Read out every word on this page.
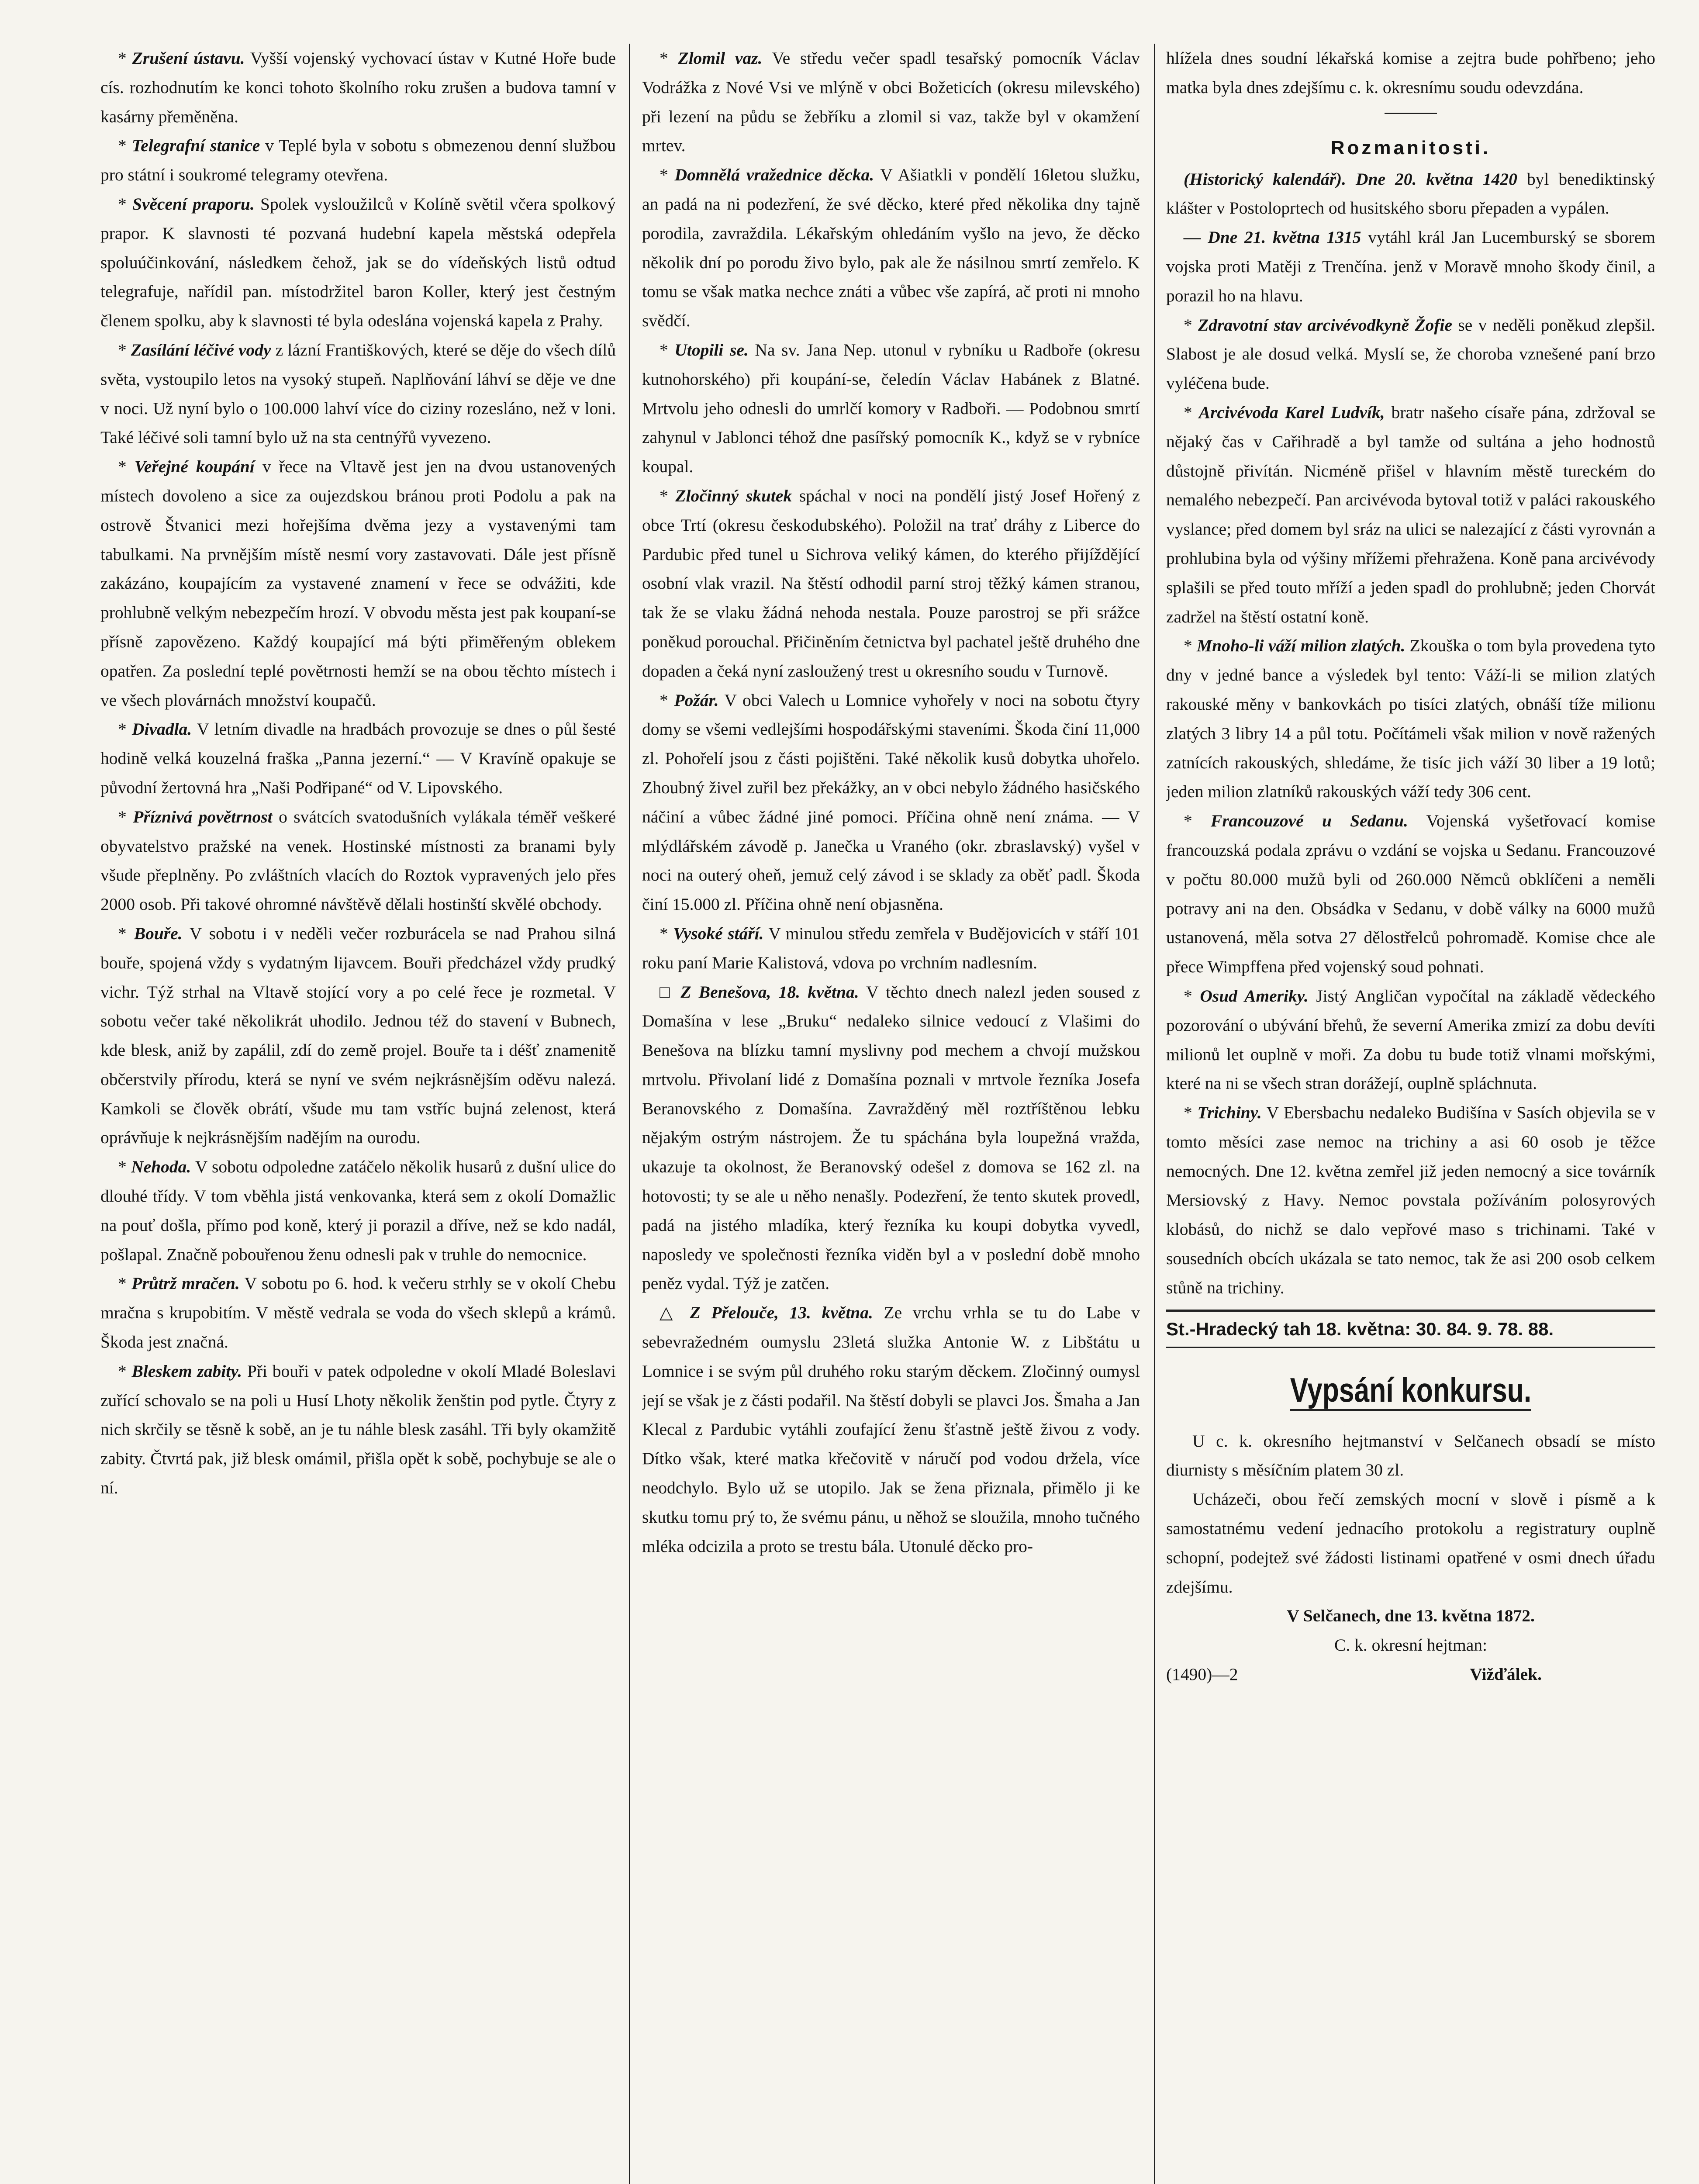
* Zrušení ústavu. Vyšší vojenský vychovací ústav v Kutné Hoře bude cís. rozhodnutím ke konci tohoto školního roku zrušen a budova tamní v kasárny přeměněna.

* Telegrafní stanice v Teplé byla v sobotu s obmezenou denní službou pro státní i soukromé telegramy otevřena.

* Svěcení praporu. Spolek vysloužilců v Kolíně světil včera spolkový prapor. K slavnosti té pozvaná hudební kapela městská odepřela spoluúčinkování, následkem čehož, jak se do vídeňských listů odtud telegrafuje, nařídil pan. místodržitel baron Koller, který jest čestným členem spolku, aby k slavnosti té byla odeslána vojenská kapela z Prahy.

* Zasílání léčivé vody z lázní Františkových, které se děje do všech dílů světa, vystoupilo letos na vysoký stupeň. Naplňování láhví se děje ve dne v noci. Už nyní bylo o 100.000 lahví více do ciziny rozesláno, než v loni. Také léčivé soli tamní bylo už na sta centnýřů vyvezeno.

* Veřejné koupání v řece na Vltavě jest jen na dvou ustanovených místech dovoleno a sice za oujezdskou bránou proti Podolu a pak na ostrově Štvanici mezi hořejšíma dvěma jezy a vystavenými tam tabulkami. Na prvnějším místě nesmí vory zastavovati. Dále jest přísně zakázáno, koupajícím za vystavené znamení v řece se odvážiti, kde prohlubně velkým nebezpečím hrozí. V obvodu města jest pak koupaní-se přísně zapovězeno. Každý koupající má býti přiměřeným oblekem opatřen. Za poslední teplé povětrnosti hemží se na obou těchto místech i ve všech plovárnách množství koupačů.

* Divadla. V letním divadle na hradbách provozuje se dnes o půl šesté hodině velká kouzelná fraška „Panna jezerní.“ — V Kravíně opakuje se původní žertovná hra „Naši Podřipané“ od V. Lipovského.

* Příznivá povětrnost o svátcích svatodušních vylákala téměř veškeré obyvatelstvo pražské na venek. Hostinské místnosti za branami byly všude přeplněny. Po zvláštních vlacích do Roztok vypravených jelo přes 2000 osob. Při takové ohromné návštěvě dělali hostinští skvělé obchody.

* Bouře. V sobotu i v neděli večer rozburácela se nad Prahou silná bouře, spojená vždy s vydatným lijavcem. Bouři předcházel vždy prudký vichr. Týž strhal na Vltavě stojící vory a po celé řece je rozmetal. V sobotu večer také několikrát uhodilo. Jednou též do stavení v Bubnech, kde blesk, aniž by zapálil, zdí do země projel. Bouře ta i déšť znamenitě občerstvily přírodu, která se nyní ve svém nejkrásnějším oděvu nalezá. Kamkoli se člověk obrátí, všude mu tam vstříc bujná zelenost, která oprávňuje k nejkrásnějším nadějím na ourodu.

* Nehoda. V sobotu odpoledne zatáčelo několik husarů z dušní ulice do dlouhé třídy. V tom vběhla jistá venkovanka, která sem z okolí Domažlic na pouť došla, přímo pod koně, který ji porazil a dříve, než se kdo nadál, pošlapal. Značně pobouřenou ženu odnesli pak v truhle do nemocnice.

* Průtrž mračen. V sobotu po 6. hod. k večeru strhly se v okolí Chebu mračna s krupobitím. V městě vedrala se voda do všech sklepů a krámů. Škoda jest značná.

* Bleskem zabity. Při bouři v patek odpoledne v okolí Mladé Boleslavi zuřící schovalo se na poli u Husí Lhoty několik ženštin pod pytle. Čtyry z nich skrčily se těsně k sobě, an je tu náhle blesk zasáhl. Tři byly okamžitě zabity. Čtvrtá pak, již blesk omámil, přišla opět k sobě, pochybuje se ale o ní.

* Zlomil vaz. Ve středu večer spadl tesařský pomocník Václav Vodrážka z Nové Vsi ve mlýně v obci Božeticích (okresu milevského) při lezení na půdu se žebříku a zlomil si vaz, takže byl v okamžení mrtev.

* Domnělá vražednice děcka. V Ašiatkli v pondělí 16letou služku, an padá na ni podezření, že své děcko, které před několika dny tajně porodila, zavraždila. Lékařským ohledáním vyšlo na jevo, že děcko několik dní po porodu živo bylo, pak ale že násilnou smrtí zemřelo. K tomu se však matka nechce znáti a vůbec vše zapírá, ač proti ni mnoho svědčí.

* Utopili se. Na sv. Jana Nep. utonul v rybníku u Radboře (okresu kutnohorského) při koupání-se, čeledín Václav Habánek z Blatné. Mrtvolu jeho odnesli do umrlčí komory v Radboři. — Podobnou smrtí zahynul v Jablonci téhož dne pasířský pomocník K., když se v rybníce koupal.

* Zločinný skutek spáchal v noci na pondělí jistý Josef Hořený z obce Trtí (okresu českodubského). Položil na trať dráhy z Liberce do Pardubic před tunel u Sichrova veliký kámen, do kterého přijíždějící osobní vlak vrazil. Na štěstí odhodil parní stroj těžký kámen stranou, tak že se vlaku žádná nehoda nestala. Pouze parostroj se při srážce poněkud porouchal. Přičiněním četnictva byl pachatel ještě druhého dne dopaden a čeká nyní zasloužený trest u okresního soudu v Turnově.

* Požár. V obci Valech u Lomnice vyhořely v noci na sobotu čtyry domy se všemi vedlejšími hospodářskými staveními. Škoda činí 11,000 zl. Pohořelí jsou z části pojištěni. Také několik kusů dobytka uhořelo. Zhoubný živel zuřil bez překážky, an v obci nebylo žádného hasičského náčiní a vůbec žádné jiné pomoci. Příčina ohně není známa. — V mlýdlářském závodě p. Janečka u Vraného (okr. zbraslavský) vyšel v noci na outerý oheň, jemuž celý závod i se sklady za oběť padl. Škoda činí 15.000 zl. Příčina ohně není objasněna.

* Vysoké stáří. V minulou středu zemřela v Budějovicích v stáří 101 roku paní Marie Kalistová, vdova po vrchním nadlesním.

□ Z Benešova, 18. května. V těchto dnech nalezl jeden soused z Domašína v lese „Bruku“ nedaleko silnice vedoucí z Vlašimi do Benešova na blízku tamní myslivny pod mechem a chvojí mužskou mrtvolu. Přivolaní lidé z Domašína poznali v mrtvole řezníka Josefa Beranovského z Domašína. Zavražděný měl roztříštěnou lebku nějakým ostrým nástrojem. Že tu spáchána byla loupežná vražda, ukazuje ta okolnost, že Beranovský odešel z domova se 162 zl. na hotovosti; ty se ale u něho nenašly. Podezření, že tento skutek provedl, padá na jistého mladíka, který řezníka ku koupi dobytka vyvedl, naposledy ve společnosti řezníka viděn byl a v poslední době mnoho peněz vydal. Týž je zatčen.

△ Z Přelouče, 13. května. Ze vrchu vrhla se tu do Labe v sebevražedném oumyslu 23letá služka Antonie W. z Libštátu u Lomnice i se svým půl druhého roku starým děckem. Zločinný oumysl její se však je z části podařil. Na štěstí dobyli se plavci Jos. Šmaha a Jan Klecal z Pardubic vytáhli zoufající ženu šťastně ještě živou z vody. Dítko však, které matka křečovitě v náručí pod vodou držela, více neodchylo. Bylo už se utopilo. Jak se žena přiznala, přimělo ji ke skutku tomu prý to, že svému pánu, u něhož se sloužila, mnoho tučného mléka odcizila a proto se trestu bála. Utonulé děcko pro-

hlížela dnes soudní lékařská komise a zejtra bude pohřbeno; jeho matka byla dnes zdejšímu c. k. okresnímu soudu odevzdána.

Rozmanitosti.

(Historický kalendář). Dne 20. května 1420 byl benediktinský klášter v Postoloprtech od husitského sboru přepaden a vypálen.

— Dne 21. května 1315 vytáhl král Jan Lucemburský se sborem vojska proti Matěji z Trenčína. jenž v Moravě mnoho škody činil, a porazil ho na hlavu.

* Zdravotní stav arcivévodkyně Žofie se v neděli poněkud zlepšil. Slabost je ale dosud velká. Myslí se, že choroba vznešené paní brzo vyléčena bude.

* Arcivévoda Karel Ludvík, bratr našeho císaře pána, zdržoval se nějaký čas v Cařihradě a byl tamže od sultána a jeho hodnostů důstojně přivítán. Nicméně přišel v hlavním městě tureckém do nemalého nebezpečí. Pan arcivévoda bytoval totiž v paláci rakouského vyslance; před domem byl sráz na ulici se nalezající z části vyrovnán a prohlubina byla od výšiny mřížemi přehražena. Koně pana arcivévody splašili se před touto mříží a jeden spadl do prohlubně; jeden Chorvát zadržel na štěstí ostatní koně.

* Mnoho-li váží milion zlatých. Zkouška o tom byla provedena tyto dny v jedné bance a výsledek byl tento: Váží-li se milion zlatých rakouské měny v bankovkách po tisíci zlatých, obnáší tíže milionu zlatých 3 libry 14 a půl totu. Počítámeli však milion v nově ražených zatnících rakouských, shledáme, že tisíc jich váží 30 liber a 19 lotů; jeden milion zlatníků rakouských váží tedy 306 cent.

* Francouzové u Sedanu. Vojenská vyšetřovací komise francouzská podala zprávu o vzdání se vojska u Sedanu. Francouzové v počtu 80.000 mužů byli od 260.000 Němců obklíčeni a neměli potravy ani na den. Obsádka v Sedanu, v době války na 6000 mužů ustanovená, měla sotva 27 dělostřelců pohromadě. Komise chce ale přece Wimpffena před vojenský soud pohnati.

* Osud Ameriky. Jistý Angličan vypočítal na základě vědeckého pozorování o ubývání břehů, že severní Amerika zmizí za dobu devíti milionů let ouplně v moři. Za dobu tu bude totiž vlnami mořskými, které na ni se všech stran dorážejí, ouplně spláchnuta.

* Trichiny. V Ebersbachu nedaleko Budišína v Sasích objevila se v tomto měsíci zase nemoc na trichiny a asi 60 osob je těžce nemocných. Dne 12. května zemřel již jeden nemocný a sice továrník Mersiovský z Havy. Nemoc povstala požíváním polosyrových klobásů, do nichž se dalo vepřové maso s trichinami. Také v sousedních obcích ukázala se tato nemoc, tak že asi 200 osob celkem stůně na trichiny.

St.-Hradecký tah 18. května: 30. 84. 9. 78. 88.
Vypsání konkursu.

U c. k. okresního hejtmanství v Selčanech obsadí se místo diurnisty s měsíčním platem 30 zl.

Ucházeči, obou řečí zemských mocní v slově i písmě a k samostatnému vedení jednacího protokolu a registratury ouplně schopní, podejtež své žádosti listinami opatřené v osmi dnech úřadu zdejšímu.

V Selčanech, dne 13. května 1872.

C. k. okresní hejtman:

(1490)—2	Vižďálek.
